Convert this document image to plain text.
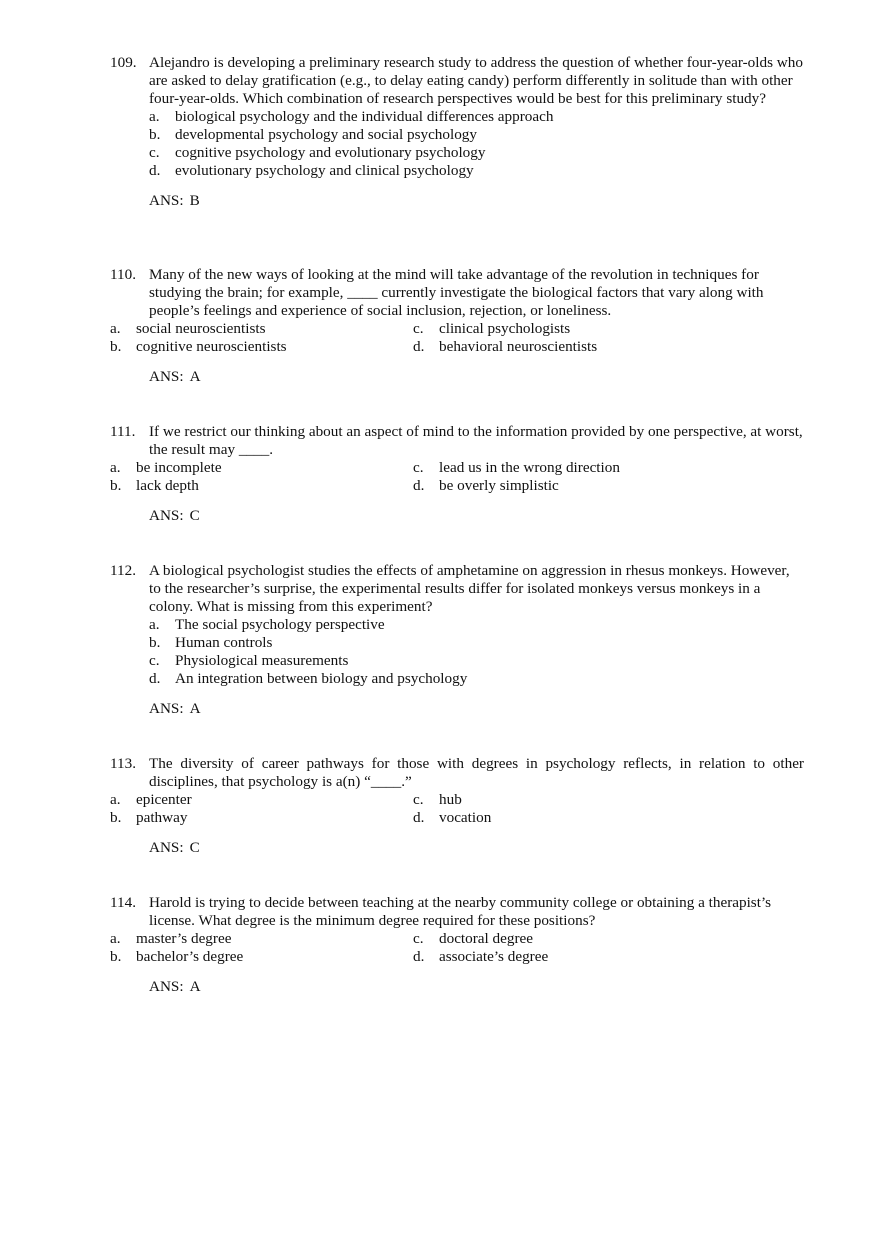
109. Alejandro is developing a preliminary research study to address the question of whether four-year-olds who are asked to delay gratification (e.g., to delay eating candy) perform differently in solitude than with other four-year-olds. Which combination of research perspectives would be best for this preliminary study?
a. biological psychology and the individual differences approach
b. developmental psychology and social psychology
c. cognitive psychology and evolutionary psychology
d. evolutionary psychology and clinical psychology
ANS: B
110. Many of the new ways of looking at the mind will take advantage of the revolution in techniques for studying the brain; for example, ____ currently investigate the biological factors that vary along with people’s feelings and experience of social inclusion, rejection, or loneliness.
a. social neuroscientists
b. cognitive neuroscientists
c. clinical psychologists
d. behavioral neuroscientists
ANS: A
111. If we restrict our thinking about an aspect of mind to the information provided by one perspective, at worst, the result may ____.
a. be incomplete
b. lack depth
c. lead us in the wrong direction
d. be overly simplistic
ANS: C
112. A biological psychologist studies the effects of amphetamine on aggression in rhesus monkeys. However, to the researcher’s surprise, the experimental results differ for isolated monkeys versus monkeys in a colony. What is missing from this experiment?
a. The social psychology perspective
b. Human controls
c. Physiological measurements
d. An integration between biology and psychology
ANS: A
113. The diversity of career pathways for those with degrees in psychology reflects, in relation to other disciplines, that psychology is a(n) “____.”
a. epicenter
b. pathway
c. hub
d. vocation
ANS: C
114. Harold is trying to decide between teaching at the nearby community college or obtaining a therapist’s license. What degree is the minimum degree required for these positions?
a. master’s degree
b. bachelor’s degree
c. doctoral degree
d. associate’s degree
ANS: A
